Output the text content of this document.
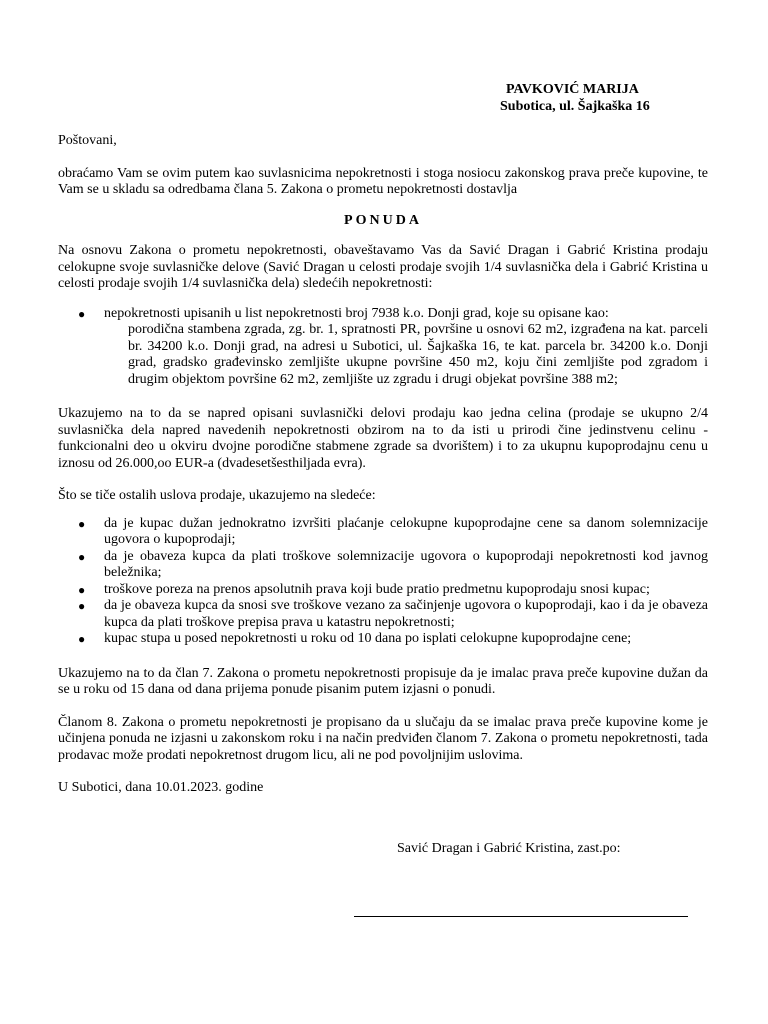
PAVKOVIĆ MARIJA
Subotica, ul. Šajkaška 16

Poštovani,

obraćamo Vam se ovim putem kao suvlasnicima nepokretnosti i stoga nosiocu zakonskog prava preče kupovine, te Vam se u skladu sa odredbama člana 5. Zakona o prometu nepokretnosti dostavlja

PONUDA

Na osnovu Zakona o prometu nepokretnosti, obaveštavamo Vas da Savić Dragan i Gabrić Kristina prodaju celokupne svoje suvlasničke delove (Savić Dragan u celosti prodaje svojih 1/4 suvlasnička dela i Gabrić Kristina u celosti prodaje svojih 1/4 suvlasnička dela) sledećih nepokretnosti:

● nepokretnosti upisanih u list nepokretnosti broj 7938 k.o. Donji grad, koje su opisane kao:

porodična stambena zgrada, zg. br. 1, spratnosti PR, površine u osnovi 62 m2, izgrađena na kat. parceli br. 34200 k.o. Donji grad, na adresi u Subotici, ul. Šajkaška 16, te kat. parcela br. 34200 k.o. Donji grad, gradsko građevinsko zemljište ukupne površine 450 m2, koju čini zemljište pod zgradom i drugim objektom površine 62 m2, zemljište uz zgradu i drugi objekat površine 388 m2;

Ukazujemo na to da se napred opisani suvlasnički delovi prodaju kao jedna celina (prodaje se ukupno 2/4 suvlasnička dela napred navedenih nepokretnosti obzirom na to da isti u prirodi čine jedinstvenu celinu - funkcionalni deo u okviru dvojne porodične stabmene zgrade sa dvorištem) i to za ukupnu kupoprodajnu cenu u iznosu od 26.000,oo EUR-a (dvadesetšesthiljada evra).

Što se tiče ostalih uslova prodaje, ukazujemo na sledeće:

● da je kupac dužan jednokratno izvršiti plaćanje celokupne kupoprodajne cene sa danom solemnizacije ugovora o kupoprodaji;
● da je obaveza kupca da plati troškove solemnizacije ugovora o kupoprodaji nepokretnosti kod javnog beležnika;
● troškove poreza na prenos apsolutnih prava koji bude pratio predmetnu kupoprodaju snosi kupac;
● da je obaveza kupca da snosi sve troškove vezano za sačinjenje ugovora o kupoprodaji, kao i da je obaveza kupca da plati troškove prepisa prava u katastru nepokretnosti;
● kupac stupa u posed nepokretnosti u roku od 10 dana po isplati celokupne kupoprodajne cene;

Ukazujemo na to da član 7. Zakona o prometu nepokretnosti propisuje da je imalac prava preče kupovine dužan da se u roku od 15 dana od dana prijema ponude pisanim putem izjasni o ponudi.

Članom 8. Zakona o prometu nepokretnosti je propisano da u slučaju da se imalac prava preče kupovine kome je učinjena ponuda ne izjasni u zakonskom roku i na način predviđen članom 7. Zakona o prometu nepokretnosti, tada prodavac može prodati nepokretnost drugom licu, ali ne pod povoljnijim uslovima.

U Subotici, dana 10.01.2023. godine

Savić Dragan i Gabrić Kristina, zast.po:
